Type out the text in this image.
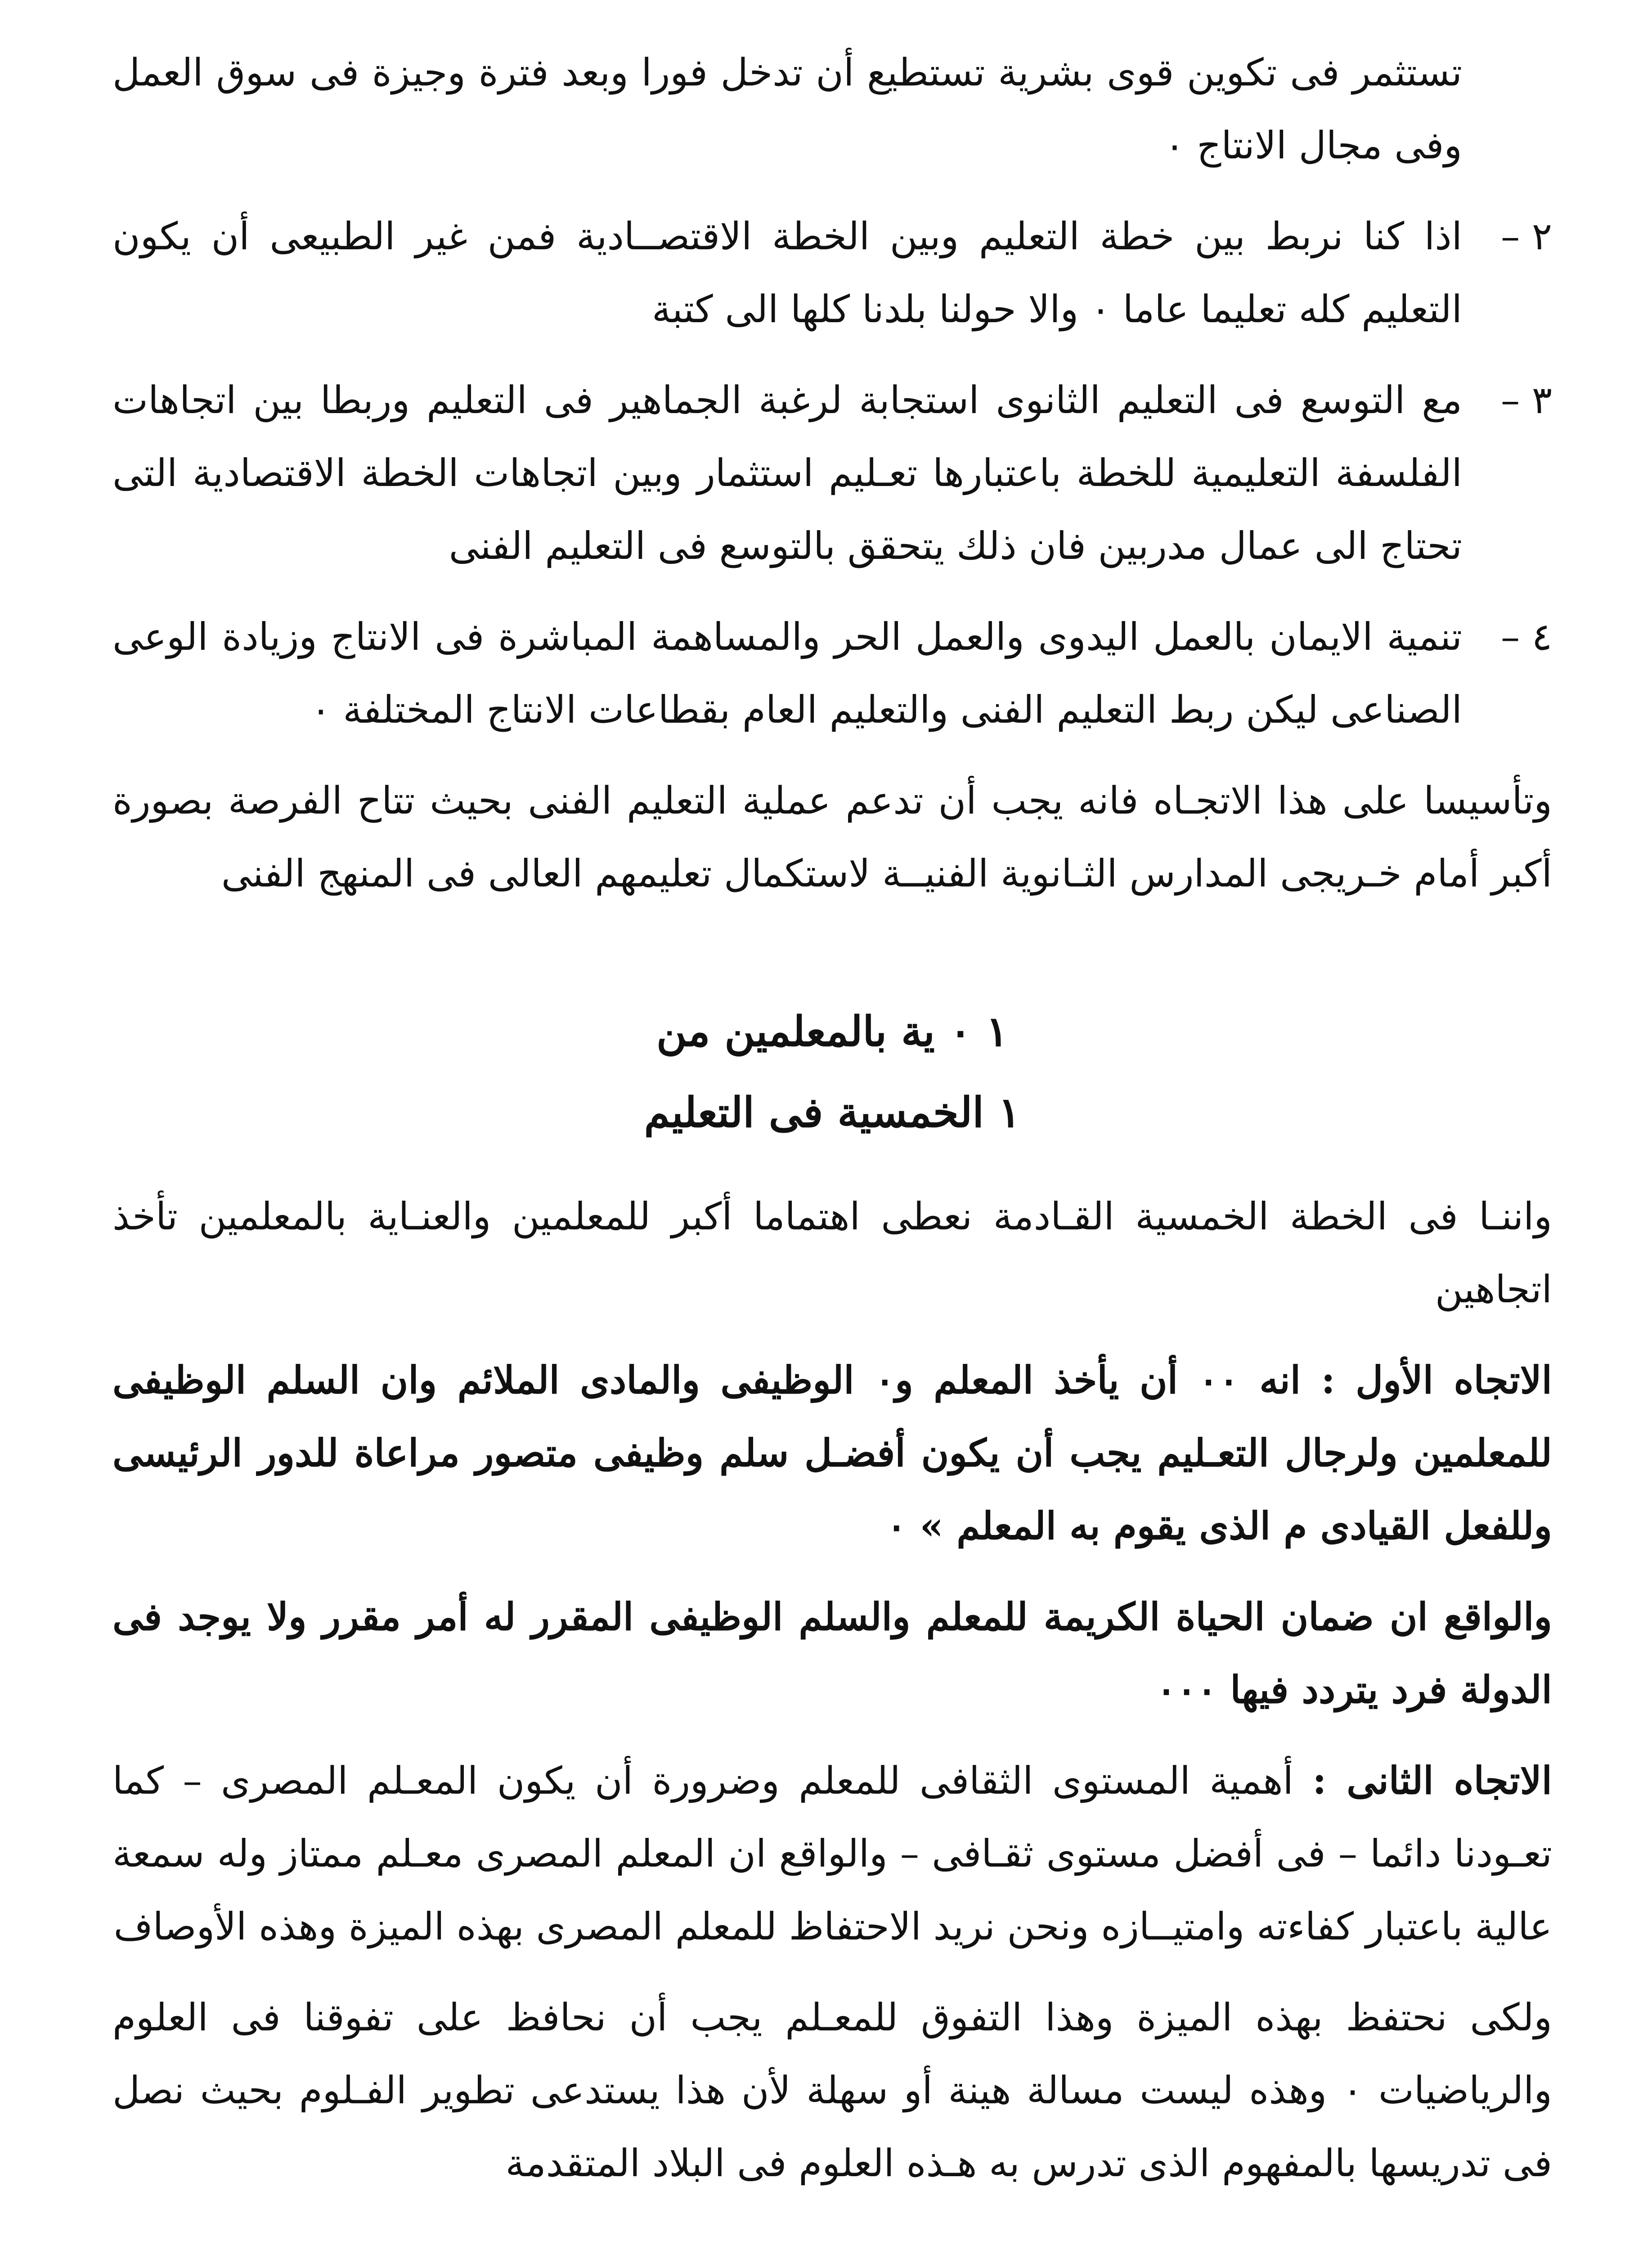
تستثمر فى تكوين قوى بشرية تستطيع أن تدخل فورا وبعد فترة وجيزة فى سوق العمل وفى مجال الانتاج ٠

٢ –
اذا كنا نربط بين خطة التعليم وبين الخطة الاقتصــادية فمن غير الطبيعى أن يكون التعليم كله تعليما عاما ٠ والا حولنا بلدنا كلها الى كتبة
٣ –
مع التوسع فى التعليم الثانوى استجابة لرغبة الجماهير فى التعليم وربطا بين اتجاهات الفلسفة التعليمية للخطة باعتبارها تعـليم استثمار وبين اتجاهات الخطة الاقتصادية التى تحتاج الى عمال مدربين فان ذلك يتحقق بالتوسع فى التعليم الفنى
٤ –
تنمية الايمان بالعمل اليدوى والعمل الحر والمساهمة المباشرة فى الانتاج وزيادة الوعى الصناعى ليكن ربط التعليم الفنى والتعليم العام بقطاعات الانتاج المختلفة ٠

وتأسيسا على هذا الاتجـاه فانه يجب أن تدعم عملية التعليم الفنى بحيث تتاح الفرصة بصورة أكبر أمام خـريجى المدارس الثـانوية الفنيــة لاستكمال تعليمهم العالى فى المنهج الفنى

١ ٠ ية بالمعلمين من

١ الخمسية فى التعليم

واننـا فى الخطة الخمسية القـادمة نعطى اهتماما أكبر للمعلمين والعنـاية بالمعلمين تأخذ اتجاهين

الاتجاه الأول : انه ٠٠ أن يأخذ المعلم و٠ الوظيفى والمادى الملائم وان السلم الوظيفى للمعلمين ولرجال التعـليم يجب أن يكون أفضـل سلم وظيفى متصور مراعاة للدور الرئيسى وللفعل القيادى م الذى يقوم به المعلم » ٠

والواقع ان ضمان الحياة الكريمة للمعلم والسلم الوظيفى المقرر له أمر مقرر ولا يوجد فى الدولة فرد يتردد فيها ٠٠٠

الاتجاه الثانى : أهمية المستوى الثقافى للمعلم وضرورة أن يكون المعـلم المصرى – كما تعـودنا دائما – فى أفضل مستوى ثقـافى – والواقع ان المعلم المصرى معـلم ممتاز وله سمعة عالية باعتبار كفاءته وامتيــازه ونحن نريد الاحتفاظ للمعلم المصرى بهذه الميزة وهذه الأوصاف

ولكى نحتفظ بهذه الميزة وهذا التفوق للمعـلم يجب أن نحافظ على تفوقنا فى العلوم والرياضيات ٠ وهذه ليست مسالة هينة أو سهلة لأن هذا يستدعى تطوير الفـلوم بحيث نصل فى تدريسها بالمفهوم الذى تدرس به هـذه العلوم فى البلاد المتقدمة
